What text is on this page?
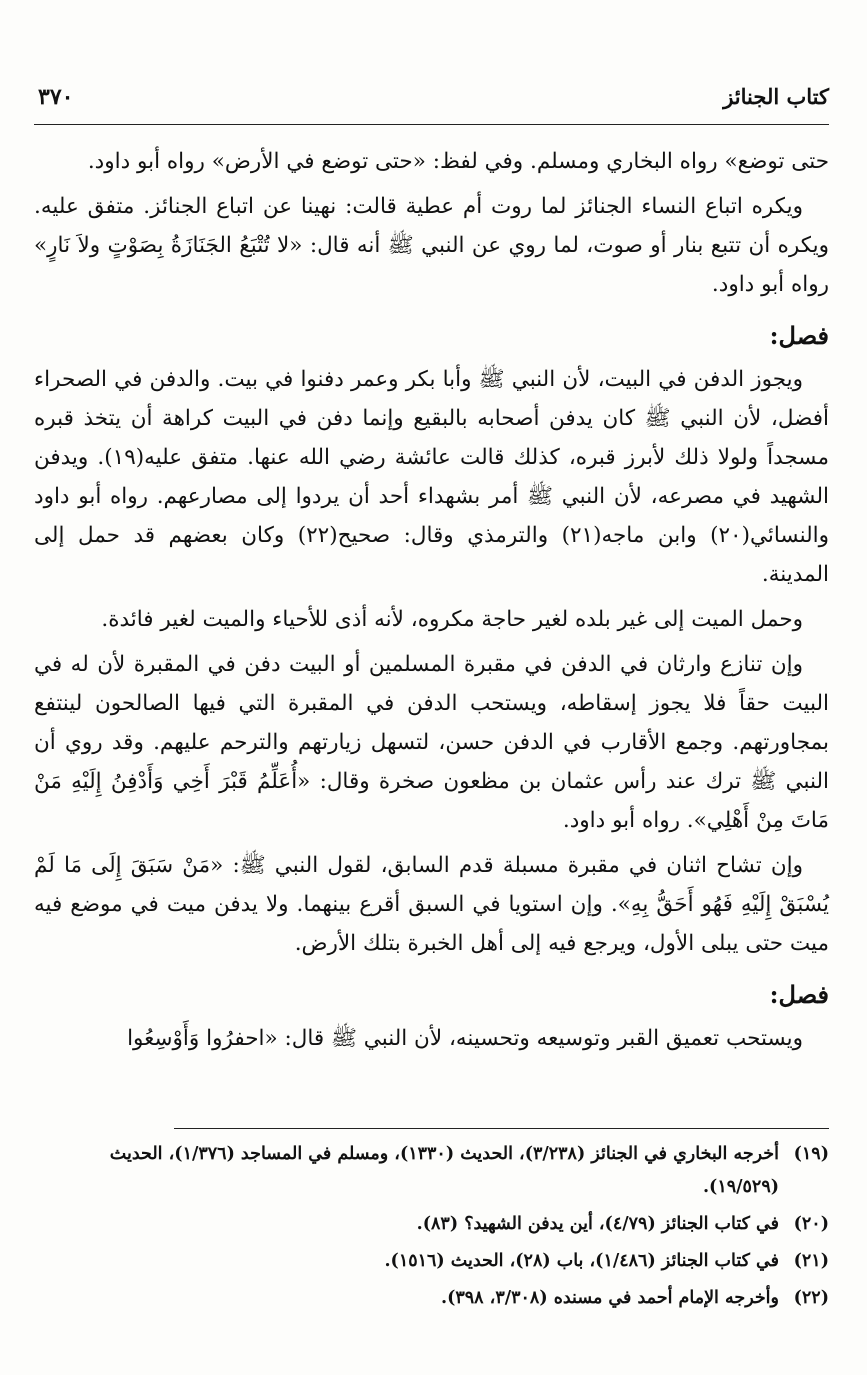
كتاب الجنائز
٣٧٠

حتى توضع» رواه البخاري ومسلم. وفي لفظ: «حتى توضع في الأرض» رواه أبو داود.

ويكره اتباع النساء الجنائز لما روت أم عطية قالت: نهينا عن اتباع الجنائز. متفق عليه. ويكره أن تتبع بنار أو صوت، لما روي عن النبي ﷺ أنه قال: «لا تُتْبَعُ الجَنَازَةُ بِصَوْتٍ ولاَ نَارٍ» رواه أبو داود.

فصل:

ويجوز الدفن في البيت، لأن النبي ﷺ وأبا بكر وعمر دفنوا في بيت. والدفن في الصحراء أفضل، لأن النبي ﷺ كان يدفن أصحابه بالبقيع وإنما دفن في البيت كراهة أن يتخذ قبره مسجداً ولولا ذلك لأبرز قبره، كذلك قالت عائشة رضي الله عنها. متفق عليه(١٩). ويدفن الشهيد في مصرعه، لأن النبي ﷺ أمر بشهداء أحد أن يردوا إلى مصارعهم. رواه أبو داود والنسائي(٢٠) وابن ماجه(٢١) والترمذي وقال: صحيح(٢٢) وكان بعضهم قد حمل إلى المدينة.

وحمل الميت إلى غير بلده لغير حاجة مكروه، لأنه أذى للأحياء والميت لغير فائدة.

وإن تنازع وارثان في الدفن في مقبرة المسلمين أو البيت دفن في المقبرة لأن له في البيت حقاً فلا يجوز إسقاطه، ويستحب الدفن في المقبرة التي فيها الصالحون لينتفع بمجاورتهم. وجمع الأقارب في الدفن حسن، لتسهل زيارتهم والترحم عليهم. وقد روي أن النبي ﷺ ترك عند رأس عثمان بن مظعون صخرة وقال: «أُعَلِّمُ قَبْرَ أَخِي وَأَدْفِنُ إِلَيْهِ مَنْ مَاتَ مِنْ أَهْلِي». رواه أبو داود.

وإن تشاح اثنان في مقبرة مسبلة قدم السابق، لقول النبي ﷺ: «مَنْ سَبَقَ إِلَى مَا لَمْ يُسْبَقْ إِلَيْهِ فَهُو أَحَقُّ بِهِ». وإن استويا في السبق أقرع بينهما. ولا يدفن ميت في موضع فيه ميت حتى يبلى الأول، ويرجع فيه إلى أهل الخبرة بتلك الأرض.

فصل:

ويستحب تعميق القبر وتوسيعه وتحسينه، لأن النبي ﷺ قال: «احفرُوا وَأَوْسِعُوا

(١٩)
أخرجه البخاري في الجنائز (٣/٢٣٨)، الحديث (١٣٣٠)، ومسلم في المساجد (١/٣٧٦)، الحديث (١٩/٥٢٩).
(٢٠)
في كتاب الجنائز (٤/٧٩)، أين يدفن الشهيد؟ (٨٣).
(٢١)
في كتاب الجنائز (١/٤٨٦)، باب (٢٨)، الحديث (١٥١٦).
(٢٢)
وأخرجه الإمام أحمد في مسنده (٣/٣٠٨، ٣٩٨).
